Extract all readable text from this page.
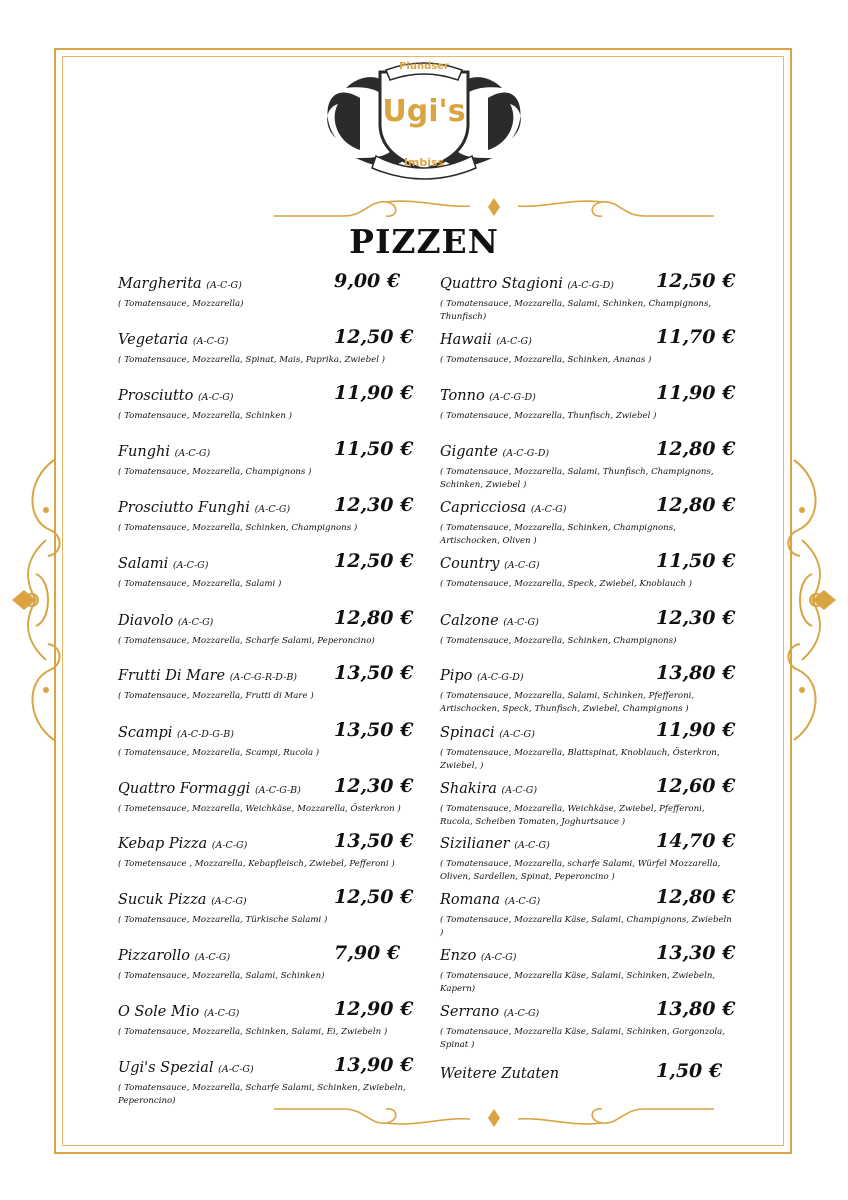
Plundser
Ugi's
Imbiss
PIZZEN
Margherita (A-C-G)	9,00 €
( Tomatensauce, Mozzarella)
Vegetaria (A-C-G)	12,50 €
( Tomatensauce, Mozzarella, Spinat, Mais, Paprika, Zwiebel )
Prosciutto (A-C-G)	11,90 €
( Tomatensauce, Mozzarella, Schinken )
Funghi (A-C-G)	11,50 €
( Tomatensauce, Mozzarella, Champignons )
Prosciutto Funghi (A-C-G) 12,30 €
( Tomatensauce, Mozzarella, Schinken, Champignons )
Salami (A-C-G)	12,50 €
( Tomatensauce, Mozzarella, Salami )
Diavolo (A-C-G)	12,80 €
( Tomatensauce, Mozzarella, Scharfe Salami, Peperoncino)
Frutti Di Mare (A-C-G-R-D-B) 13,50 €
( Tomatensauce, Mozzarella, Frutti di Mare )
Scampi (A-C-D-G-B)	13,50 €
( Tomatensauce, Mozzarella, Scampi, Rucola )
Quattro Formaggi (A-C-G-B) 12,30 €
( Tometensauce, Mozzarella, Weichkäse, Mozzarella, Österkron )
Kebap Pizza (A-C-G)	13,50 €
( Tometensauce , Mozzarella, Kebapfleisch, Zwiebel, Pefferoni )
Sucuk Pizza (A-C-G)	12,50 €
( Tomatensauce, Mozzarella, Türkische Salami )
Pizzarollo (A-C-G)	7,90 €
( Tomatensauce, Mozzarella, Salami, Schinken)
O Sole Mio (A-C-G)	12,90 €
( Tomatensauce, Mozzarella, Schinken, Salami, Ei, Zwiebeln )
Ugi's Spezial (A-C-G)	13,90 €
( Tomatensauce, Mozzarella, Scharfe Salami, Schinken, Zwiebeln, Peperoncino)
Quattro Stagioni (A-C-G-D) 12,50 €
( Tomatensauce, Mozzarella, Salami, Schinken, Champignons, Thunfisch)
Hawaii (A-C-G)	11,70 €
( Tomatensauce, Mozzarella, Schinken, Ananas )
Tonno (A-C-G-D)	11,90 €
( Tomatensauce, Mozzarella, Thunfisch, Zwiebel )
Gigante (A-C-G-D)	12,80 €
( Tomatensauce, Mozzarella, Salami, Thunfisch, Champignons, Schinken, Zwiebel )
Capricciosa (A-C-G)	12,80 €
( Tomatensauce, Mozzarella, Schinken, Champignons, Artischocken, Oliven )
Country (A-C-G)	11,50 €
( Tomatensauce, Mozzarella, Speck, Zwiebel, Knoblauch )
Calzone (A-C-G)	12,30 €
( Tomatensauce, Mozzarella, Schinken, Champignons)
Pipo (A-C-G-D)	13,80 €
( Tomatensauce, Mozzarella, Salami, Schinken, Pfefferoni, Artischocken, Speck, Thunfisch, Zwiebel, Champignons )
Spinaci (A-C-G)	11,90 €
( Tomatensauce, Mozzarella, Blattspinat, Knoblauch, Österkron, Zwiebel, )
Shakira (A-C-G)	12,60 €
( Tomatensauce, Mozzarella, Weichkäse, Zwiebel, Pfefferoni, Rucola, Scheiben Tomaten, Joghurtsauce )
Sizilianer (A-C-G)	14,70 €
( Tomatensauce, Mozzarella, scharfe Salami, Würfel Mozzarella, Oliven, Sardellen, Spinat, Peperoncino )
Romana (A-C-G)	12,80 €
( Tomatensauce, Mozzarella Käse, Salami, Champignons, Zwiebeln )
Enzo (A-C-G)	13,30 €
( Tomatensauce, Mozzarella Käse, Salami, Schinken, Zwiebeln, Kapern)
Serrano (A-C-G)	13,80 €
( Tomatensauce, Mozzarella Käse, Salami, Schinken, Gorgonzola, Spinat )
Weitere Zutaten	1,50 €
